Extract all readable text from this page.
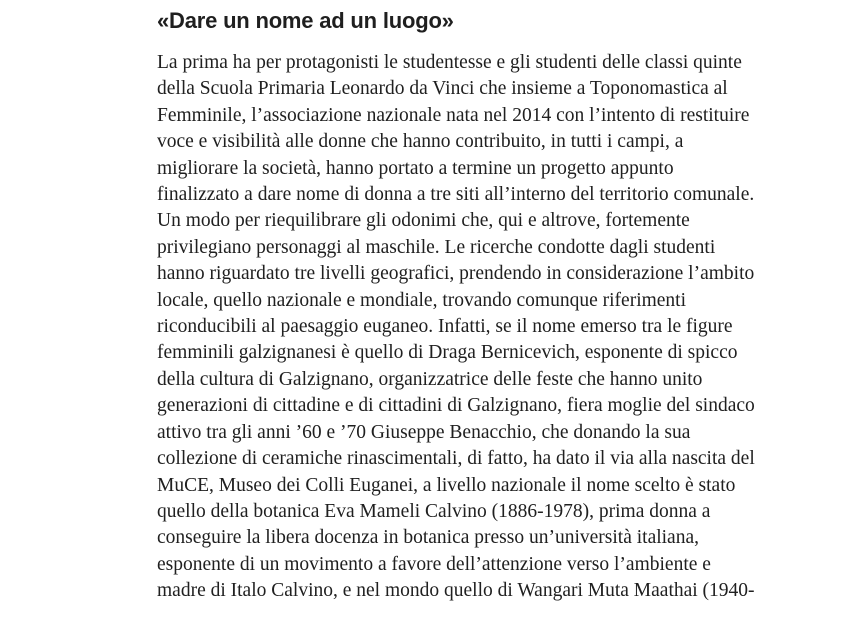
«Dare un nome ad un luogo»
La prima ha per protagonisti le studentesse e gli studenti delle classi quinte
della Scuola Primaria Leonardo da Vinci che insieme a Toponomastica al
Femminile, l’associazione nazionale nata nel 2014 con l’intento di restituire
voce e visibilità alle donne che hanno contribuito, in tutti i campi, a
migliorare la società, hanno portato a termine un progetto appunto
finalizzato a dare nome di donna a tre siti all’interno del territorio comunale.
Un modo per riequilibrare gli odonimi che, qui e altrove, fortemente
privilegiano personaggi al maschile. Le ricerche condotte dagli studenti
hanno riguardato tre livelli geografici, prendendo in considerazione l’ambito
locale, quello nazionale e mondiale, trovando comunque riferimenti
riconducibili al paesaggio euganeo. Infatti, se il nome emerso tra le figure
femminili galzignanesi è quello di Draga Bernicevich, esponente di spicco
della cultura di Galzignano, organizzatrice delle feste che hanno unito
generazioni di cittadine e di cittadini di Galzignano, fiera moglie del sindaco
attivo tra gli anni ’60 e ’70 Giuseppe Benacchio, che donando la sua
collezione di ceramiche rinascimentali, di fatto, ha dato il via alla nascita del
MuCE, Museo dei Colli Euganei, a livello nazionale il nome scelto è stato
quello della botanica Eva Mameli Calvino (1886-1978), prima donna a
conseguire la libera docenza in botanica presso un’università italiana,
esponente di un movimento a favore dell’attenzione verso l’ambiente e
madre di Italo Calvino, e nel mondo quello di Wangari Muta Maathai (1940-
